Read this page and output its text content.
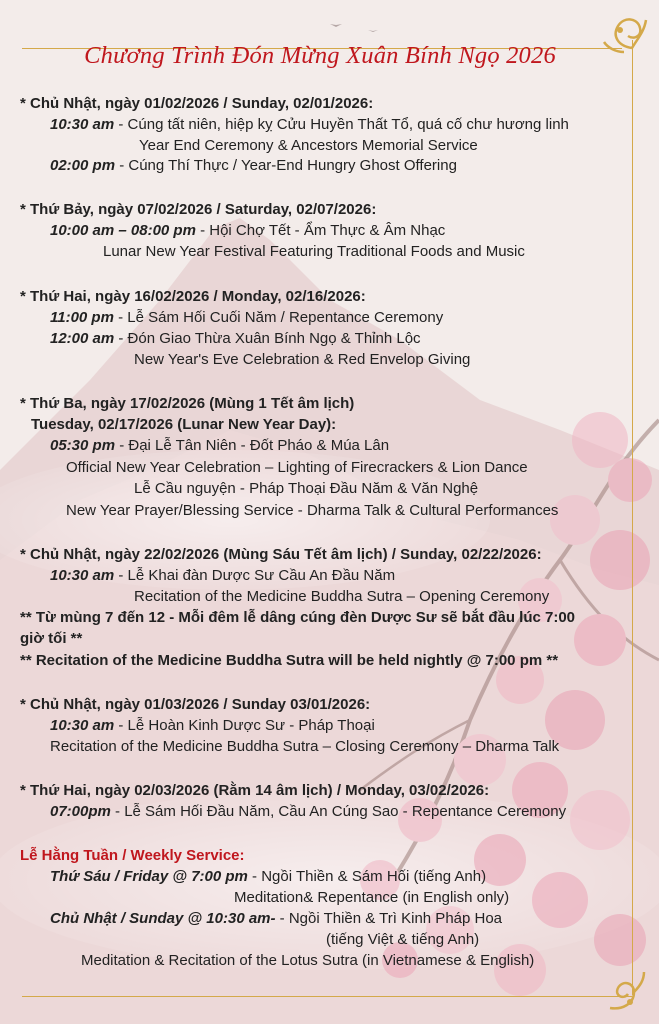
Chương Trình Đón Mừng Xuân Bính Ngọ 2026
* Chủ Nhật, ngày 01/02/2026 / Sunday, 02/01/2026:
10:30 am - Cúng tất niên, hiệp kỵ Cửu Huyền Thất Tổ, quá cố chư hương linh
Year End Ceremony & Ancestors Memorial Service
02:00 pm - Cúng Thí Thực / Year-End Hungry Ghost Offering
* Thứ Bảy, ngày 07/02/2026 / Saturday, 02/07/2026:
10:00 am – 08:00 pm - Hội Chợ Tết - Ẩm Thực & Âm Nhạc
Lunar New Year Festival Featuring Traditional Foods and Music
* Thứ Hai, ngày 16/02/2026 / Monday, 02/16/2026:
11:00 pm - Lễ Sám Hối Cuối Năm / Repentance Ceremony
12:00 am - Đón Giao Thừa Xuân Bính Ngọ & Thỉnh Lộc
New Year's Eve Celebration & Red Envelop Giving
* Thứ Ba, ngày 17/02/2026 (Mùng 1 Tết âm lịch)
Tuesday, 02/17/2026 (Lunar New Year Day):
05:30 pm - Đại Lễ Tân Niên - Đốt Pháo & Múa Lân
Official New Year Celebration – Lighting of Firecrackers & Lion Dance
Lễ Cầu nguyện - Pháp Thoại Đầu Năm & Văn Nghệ
New Year Prayer/Blessing Service - Dharma Talk & Cultural Performances
* Chủ Nhật, ngày 22/02/2026 (Mùng Sáu Tết âm lịch) / Sunday, 02/22/2026:
10:30 am - Lễ Khai đàn Dược Sư Cầu An Đầu Năm
Recitation of the Medicine Buddha Sutra – Opening Ceremony
** Từ mùng 7 đến 12 - Mỗi đêm lễ dâng cúng đèn Dược Sư sẽ bắt đầu lúc 7:00
giờ tối **
** Recitation of the Medicine Buddha Sutra will be held nightly @ 7:00 pm **
* Chủ Nhật, ngày 01/03/2026 / Sunday 03/01/2026:
10:30 am - Lễ Hoàn Kinh Dược Sư - Pháp Thoại
Recitation of the Medicine Buddha Sutra – Closing Ceremony – Dharma Talk
* Thứ Hai, ngày 02/03/2026 (Rằm 14 âm lịch) / Monday, 03/02/2026:
07:00pm - Lễ Sám Hối Đầu Năm, Cầu An Cúng Sao - Repentance Ceremony
Lễ Hằng Tuần / Weekly Service:
Thứ Sáu / Friday @ 7:00 pm - Ngồi Thiền & Sám Hối (tiếng Anh)
Meditation& Repentance (in English only)
Chủ Nhật / Sunday @ 10:30 am- - Ngồi Thiền & Trì Kinh Pháp Hoa
(tiếng Việt & tiếng Anh)
Meditation & Recitation of the Lotus Sutra (in Vietnamese & English)
